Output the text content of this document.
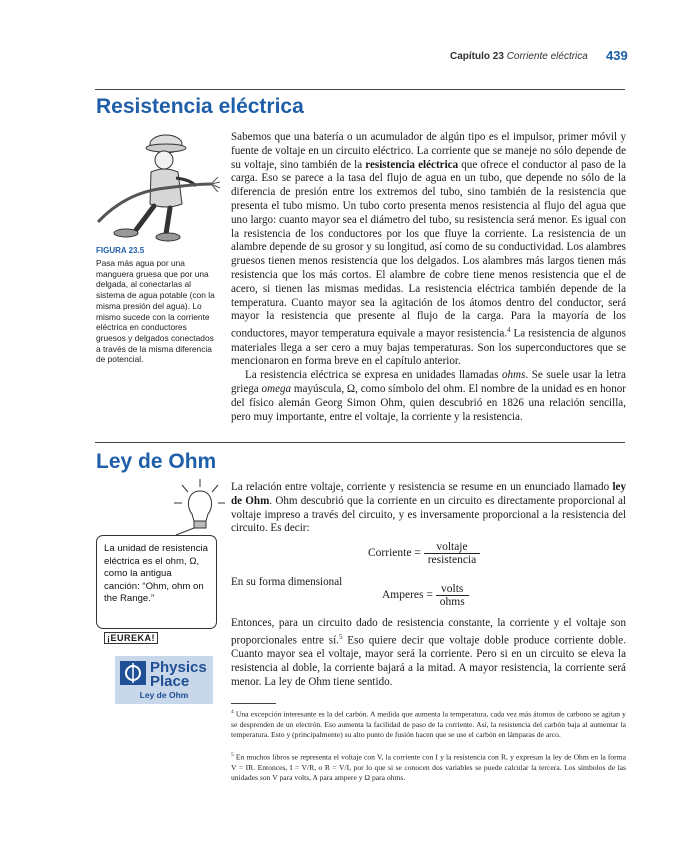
Capítulo 23 Corriente eléctrica 439
Resistencia eléctrica
FIGURA 23.5
Pasa más agua por una manguera gruesa que por una delgada, al conectarlas al sistema de agua potable (con la misma presión del agua). Lo mismo sucede con la corriente eléctrica en conductores gruesos y delgados conectados a través de la misma diferencia de potencial.

Sabemos que una batería o un acumulador de algún tipo es el impulsor, primer móvil y fuente de voltaje en un circuito eléctrico. La corriente que se maneje no sólo depende de su voltaje, sino también de la resistencia eléctrica que ofrece el conductor al paso de la carga. Eso se parece a la tasa del flujo de agua en un tubo, que depende no sólo de la diferencia de presión entre los extremos del tubo, sino también de la resistencia que presenta el tubo mismo. Un tubo corto presenta menos resistencia al flujo del agua que uno largo: cuanto mayor sea el diámetro del tubo, su resistencia será menor. Es igual con la resistencia de los conductores por los que fluye la corriente. La resistencia de un alambre depende de su grosor y su longitud, así como de su conductividad. Los alambres gruesos tienen menos resistencia que los delgados. Los alambres más largos tienen más resistencia que los más cortos. El alambre de cobre tiene menos resistencia que el de acero, si tienen las mismas medidas. La resistencia eléctrica también depende de la temperatura. Cuanto mayor sea la agitación de los átomos dentro del conductor, será mayor la resistencia que presente al flujo de la carga. Para la mayoría de los conductores, mayor temperatura equivale a mayor resistencia.$^4$ La resistencia de algunos materiales llega a ser cero a muy bajas temperaturas. Son los superconductores que se mencionaron en forma breve en el capítulo anterior.

La resistencia eléctrica se expresa en unidades llamadas ohms. Se suele usar la letra griega omega mayúscula, Ω, como símbolo del ohm. El nombre de la unidad es en honor del físico alemán Georg Simon Ohm, quien descubrió en 1826 una relación sencilla, pero muy importante, entre el voltaje, la corriente y la resistencia.

Ley de Ohm
La unidad de resistencia eléctrica es el ohm, Ω, como la antigua canción: “Ohm, ohm on the Range.”
¡EUREKA!
Physics
Place
Ley de Ohm

La relación entre voltaje, corriente y resistencia se resume en un enunciado llamado ley de Ohm. Ohm descubrió que la corriente en un circuito es directamente proporcional al voltaje impreso a través del circuito, y es inversamente proporcional a la resistencia del circuito. Es decir:

Corriente = $\frac{\text{voltaje}}{\text{resistencia}}$
En su forma dimensional
Amperes = $\frac{\text{volts}}{\text{ohms}}$

Entonces, para un circuito dado de resistencia constante, la corriente y el voltaje son proporcionales entre sí.$^5$ Eso quiere decir que voltaje doble produce corriente doble. Cuanto mayor sea el voltaje, mayor será la corriente. Pero si en un circuito se eleva la resistencia al doble, la corriente bajará a la mitad. A mayor resistencia, la corriente será menor. La ley de Ohm tiene sentido.

$^4$ Una excepción interesante es la del carbón. A medida que aumenta la temperatura, cada vez más átomos de carbono se agitan y se desprenden de un electrón. Eso aumenta la facilidad de paso de la corriente. Así, la resistencia del carbón baja al aumentar la temperatura. Esto y (principalmente) su alto punto de fusión hacen que se use el carbón en lámparas de arco.
$^5$ En muchos libros se representa el voltaje con V, la corriente con I y la resistencia con R, y expresan la ley de Ohm en la forma V = IR. Entonces, I = V/R, o R = V/I, por lo que si se conocen dos variables se puede calcular la tercera. Los símbolos de las unidades son V para volts, A para ampere y Ω para ohms.
